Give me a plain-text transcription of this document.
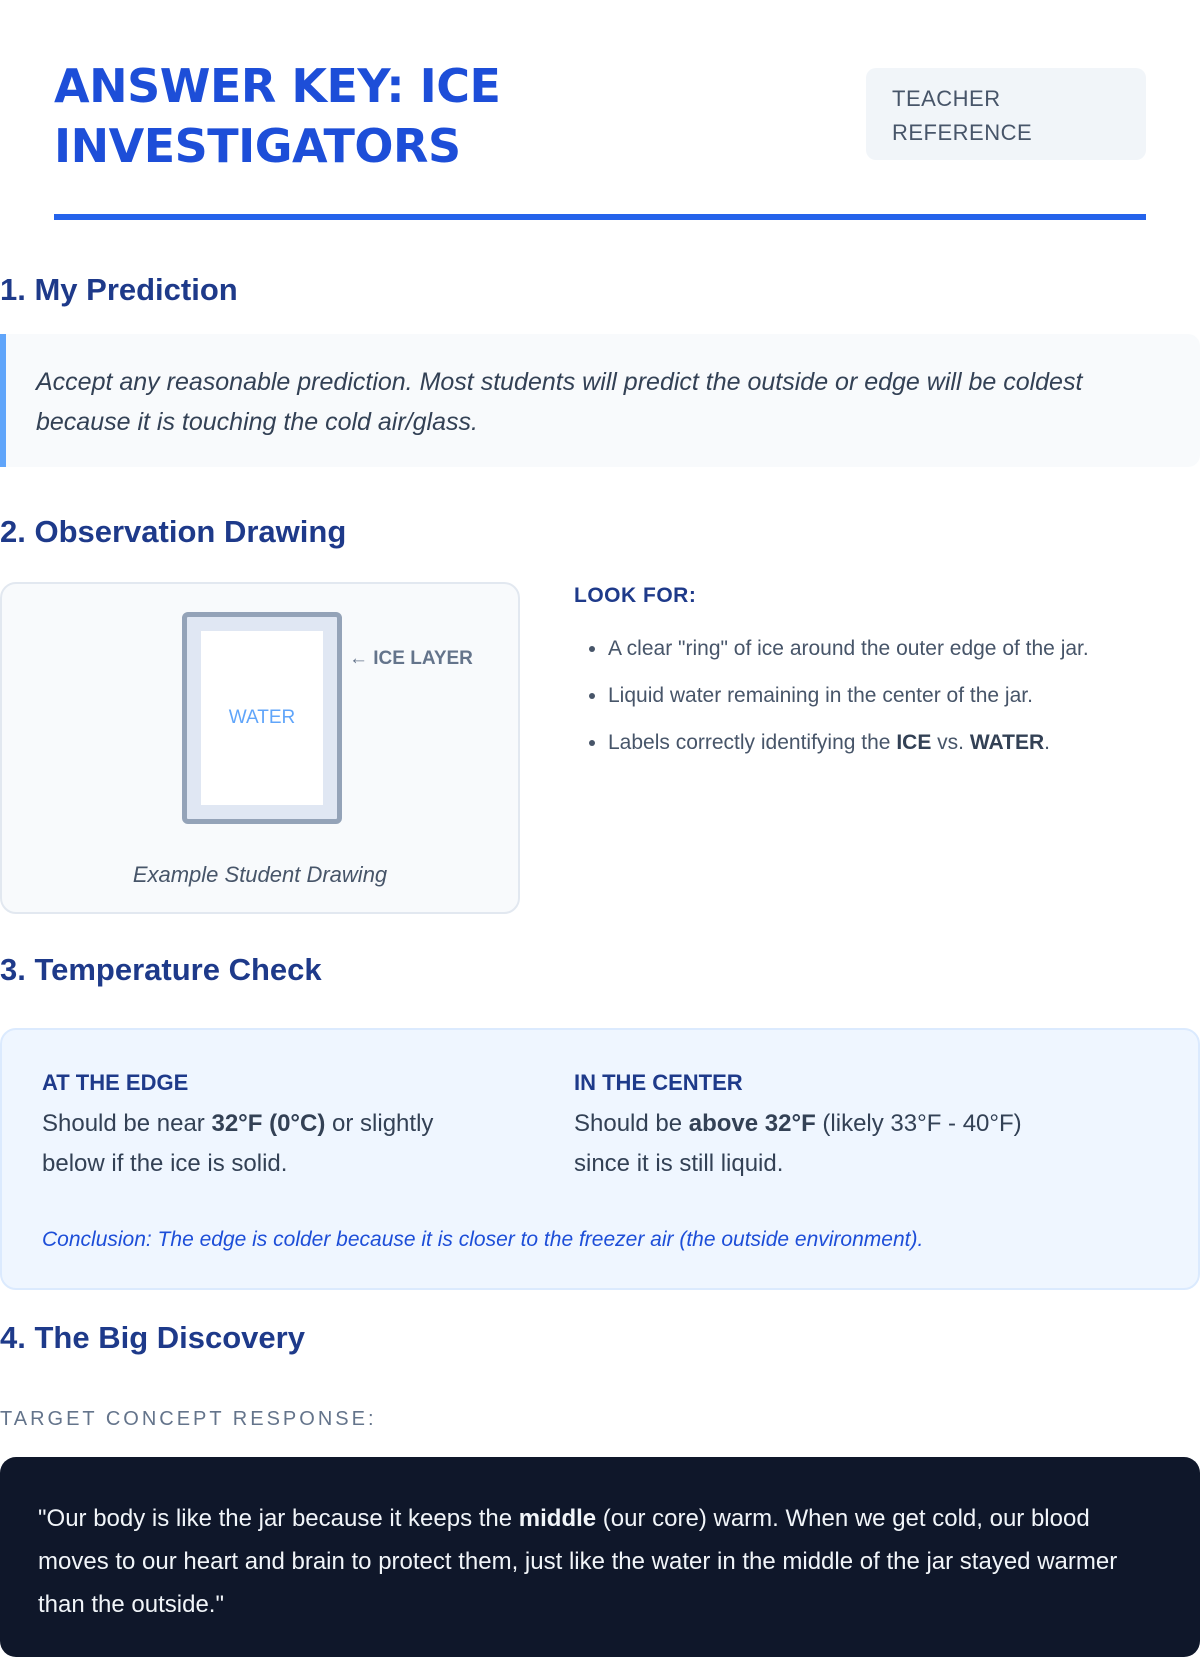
ANSWER KEY: ICE INVESTIGATORS
TEACHER REFERENCE
1. My Prediction
Accept any reasonable prediction. Most students will predict the outside or edge will be coldest because it is touching the cold air/glass.
2. Observation Drawing
WATER
← ICE LAYER
Example Student Drawing
LOOK FOR:
• A clear "ring" of ice around the outer edge of the jar.
• Liquid water remaining in the center of the jar.
• Labels correctly identifying the ICE vs. WATER.
3. Temperature Check
AT THE EDGE
Should be near 32°F (0°C) or slightly below if the ice is solid.
IN THE CENTER
Should be above 32°F (likely 33°F - 40°F) since it is still liquid.
Conclusion: The edge is colder because it is closer to the freezer air (the outside environment).
4. The Big Discovery
TARGET CONCEPT RESPONSE:
"Our body is like the jar because it keeps the middle (our core) warm. When we get cold, our blood moves to our heart and brain to protect them, just like the water in the middle of the jar stayed warmer than the outside."
